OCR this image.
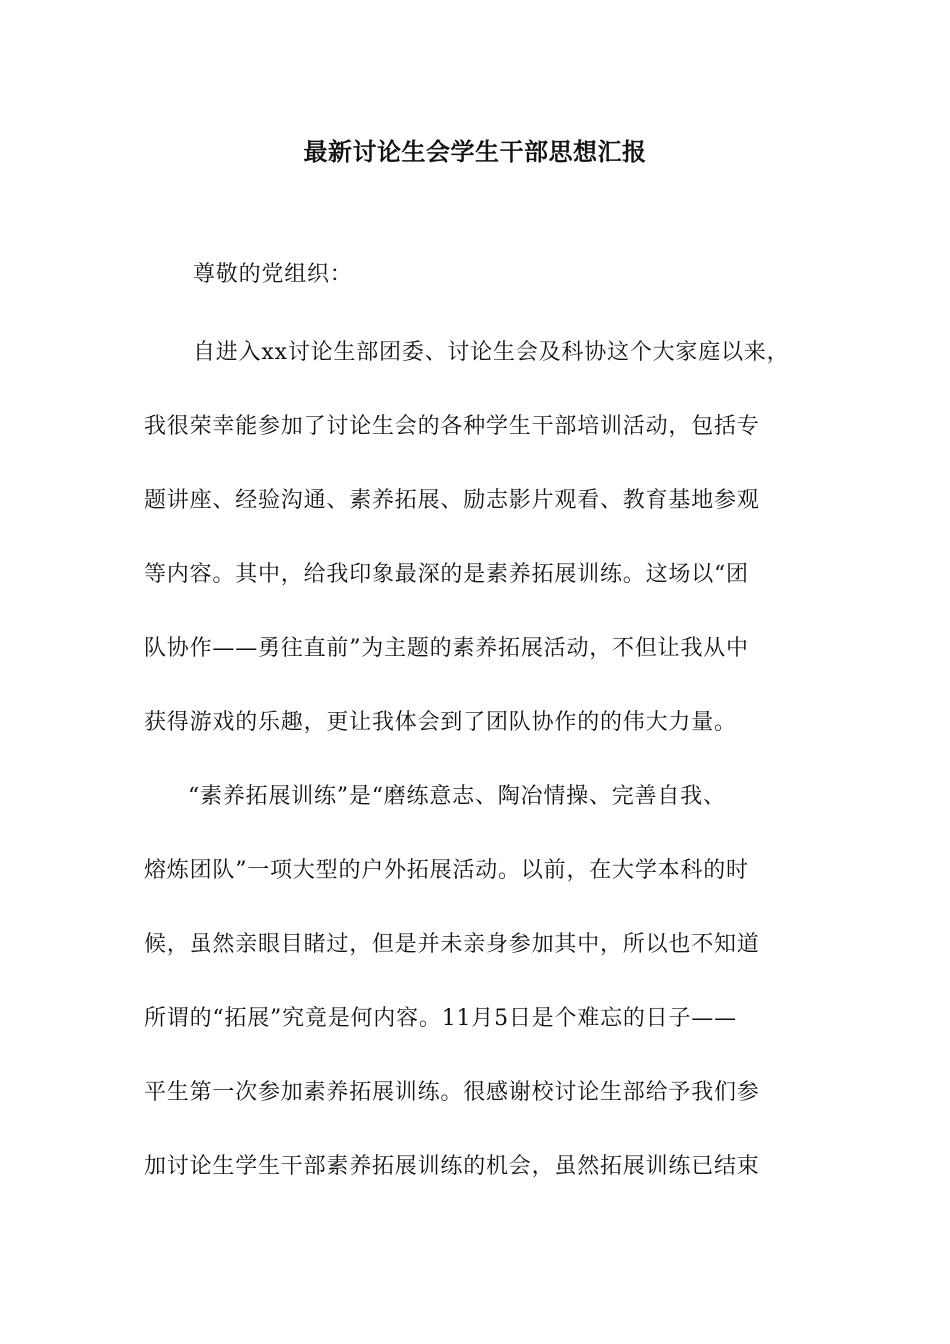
最新讨论生会学生干部思想汇报
尊敬的党组织：
自进入xx讨论生部团委、讨论生会及科协这个大家庭以来，
我很荣幸能参加了讨论生会的各种学生干部培训活动，包括专
题讲座、经验沟通、素养拓展、励志影片观看、教育基地参观
等内容。其中，给我印象最深的是素养拓展训练。这场以“团
队协作——勇往直前”为主题的素养拓展活动，不但让我从中
获得游戏的乐趣，更让我体会到了团队协作的的伟大力量。
“素养拓展训练”是“磨练意志、陶冶情操、完善自我、
熔炼团队”一项大型的户外拓展活动。以前，在大学本科的时
候，虽然亲眼目睹过，但是并未亲身参加其中，所以也不知道
所谓的“拓展”究竟是何内容。11月5日是个难忘的日子——
平生第一次参加素养拓展训练。很感谢校讨论生部给予我们参
加讨论生学生干部素养拓展训练的机会，虽然拓展训练已结束
